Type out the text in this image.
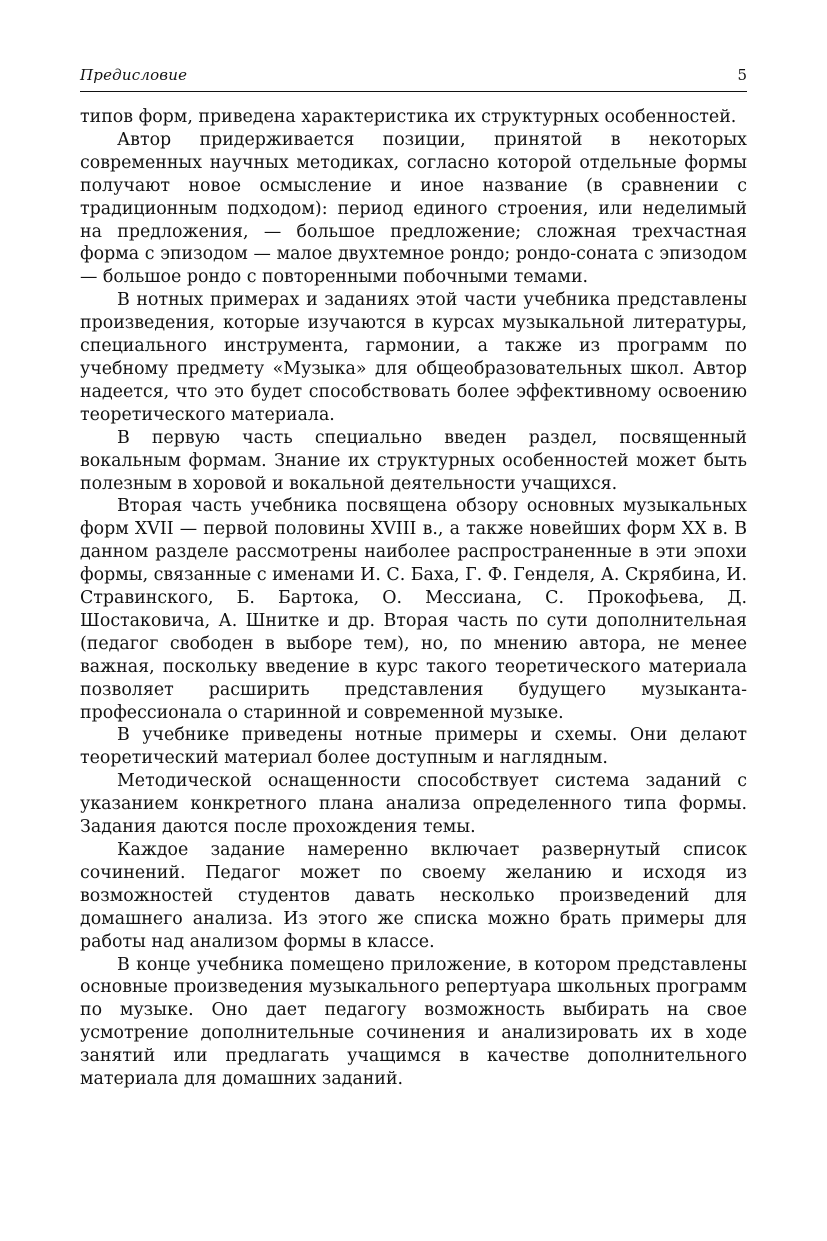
Предисловие	5

типов форм, приведена характеристика их структурных особенностей.

Автор придерживается позиции, принятой в некоторых современных научных методиках, согласно которой отдельные формы получают новое осмысление и иное название (в сравнении с традиционным подходом): период единого строения, или неделимый на предложения, — большое предложение; сложная трехчастная форма с эпизодом — малое двухтемное рондо; рондо-соната с эпизодом — большое рондо с повторенными побочными темами.

В нотных примерах и заданиях этой части учебника представлены произведения, которые изучаются в курсах музыкальной литературы, специального инструмента, гармонии, а также из программ по учебному предмету «Музыка» для общеобразовательных школ. Автор надеется, что это будет способствовать более эффективному освоению теоретического материала.

В первую часть специально введен раздел, посвященный вокальным формам. Знание их структурных особенностей может быть полезным в хоровой и вокальной деятельности учащихся.

Вторая часть учебника посвящена обзору основных музыкальных форм XVII — первой половины XVIII в., а также новейших форм XX в. В данном разделе рассмотрены наиболее распространенные в эти эпохи формы, связанные с именами И. С. Баха, Г. Ф. Генделя, А. Скрябина, И. Стравинского, Б. Бартока, О. Мессиана, С. Прокофьева, Д. Шостаковича, А. Шнитке и др. Вторая часть по сути дополнительная (педагог свободен в выборе тем), но, по мнению автора, не менее важная, поскольку введение в курс такого теоретического материала позволяет расширить представления будущего музыканта-профессионала о старинной и современной музыке.

В учебнике приведены нотные примеры и схемы. Они делают теоретический материал более доступным и наглядным.

Методической оснащенности способствует система заданий с указанием конкретного плана анализа определенного типа формы. Задания даются после прохождения темы.

Каждое задание намеренно включает развернутый список сочинений. Педагог может по своему желанию и исходя из возможностей студентов давать несколько произведений для домашнего анализа. Из этого же списка можно брать примеры для работы над анализом формы в классе.

В конце учебника помещено приложение, в котором представлены основные произведения музыкального репертуара школьных программ по музыке. Оно дает педагогу возможность выбирать на свое усмотрение дополнительные сочинения и анализировать их в ходе занятий или предлагать учащимся в качестве дополнительного материала для домашних заданий.
